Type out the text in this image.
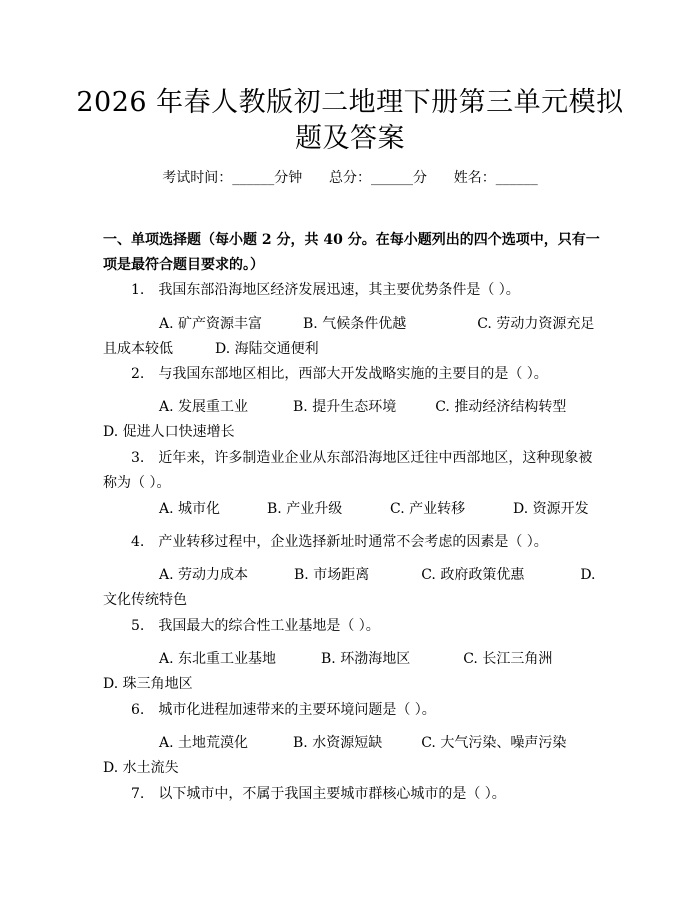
2026 年春人教版初二地理下册第三单元模拟
题及答案
考试时间：______分钟      总分：______分      姓名：______

一、单项选择题（每小题 2 分，共 40 分。在每小题列出的四个选项中，只有一项是最符合题目要求的。）

1.　我国东部沿海地区经济发展迅速，其主要优势条件是（ ）。

A. 矿产资源丰富	B. 气候条件优越	C. 劳动力资源充足且成本较低　　　D. 海陆交通便利

2.　与我国东部地区相比，西部大开发战略实施的主要目的是（ ）。

A. 发展重工业	B. 提升生态环境	C. 推动经济结构转型　　D. 促进人口快速增长

3.　近年来，许多制造业企业从东部沿海地区迁往中西部地区，这种现象被称为（ ）。

A. 城市化	B. 产业升级	C. 产业转移	D. 资源开发

4.　产业转移过程中，企业选择新址时通常不会考虑的因素是（ ）。

A. 劳动力成本	B. 市场距离	C. 政府政策优惠　　　　D. 文化传统特色

5.　我国最大的综合性工业基地是（ ）。

A. 东北重工业基地	B. 环渤海地区	C. 长江三角洲　　　　D. 珠三角地区

6.　城市化进程加速带来的主要环境问题是（ ）。

A. 土地荒漠化	B. 水资源短缺	C. 大气污染、噪声污染　　D. 水土流失

7.　以下城市中，不属于我国主要城市群核心城市的是（ ）。
